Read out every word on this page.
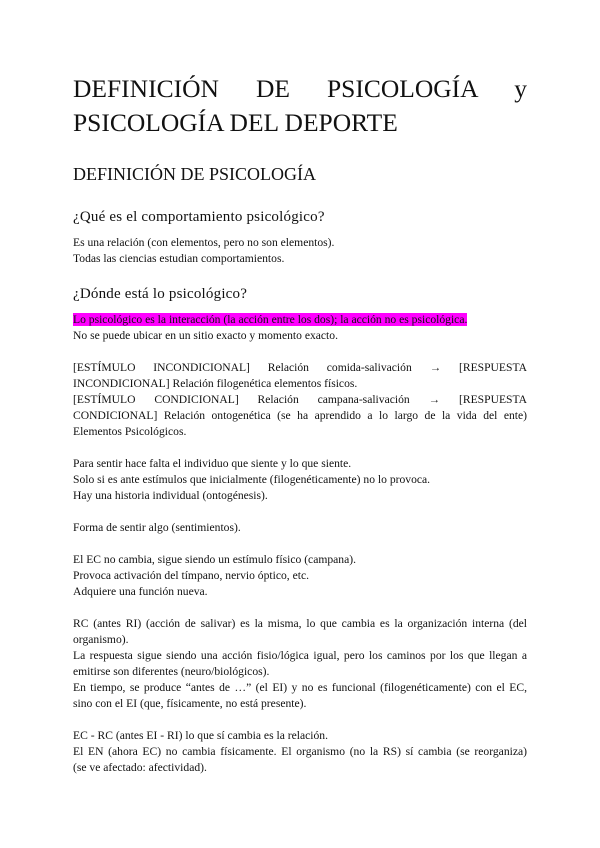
DEFINICIÓN DE PSICOLOGÍA y
PSICOLOGÍA DEL DEPORTE
DEFINICIÓN DE PSICOLOGÍA
¿Qué es el comportamiento psicológico?
Es una relación (con elementos, pero no son elementos).
Todas las ciencias estudian comportamientos.
¿Dónde está lo psicológico?
Lo psicológico es la interacción (la acción entre los dos); la acción no es psicológica.
No se puede ubicar en un sitio exacto y momento exacto.
[ESTÍMULO INCONDICIONAL] Relación comida-salivación → [RESPUESTA
INCONDICIONAL] Relación filogenética elementos físicos.
[ESTÍMULO CONDICIONAL] Relación campana-salivación → [RESPUESTA
CONDICIONAL] Relación ontogenética (se ha aprendido a lo largo de la vida del ente)
Elementos Psicológicos.
Para sentir hace falta el individuo que siente y lo que siente.
Solo si es ante estímulos que inicialmente (filogenéticamente) no lo provoca.
Hay una historia individual (ontogénesis).
Forma de sentir algo (sentimientos).
El EC no cambia, sigue siendo un estímulo físico (campana).
Provoca activación del tímpano, nervio óptico, etc.
Adquiere una función nueva.
RC (antes RI) (acción de salivar) es la misma, lo que cambia es la organización interna (del
organismo).
La respuesta sigue siendo una acción fisio/lógica igual, pero los caminos por los que llegan a
emitirse son diferentes (neuro/biológicos).
En tiempo, se produce “antes de …” (el EI) y no es funcional (filogenéticamente) con el EC,
sino con el EI (que, físicamente, no está presente).
EC - RC (antes EI - RI) lo que sí cambia es la relación.
El EN (ahora EC) no cambia físicamente. El organismo (no la RS) sí cambia (se reorganiza)
(se ve afectado: afectividad).
